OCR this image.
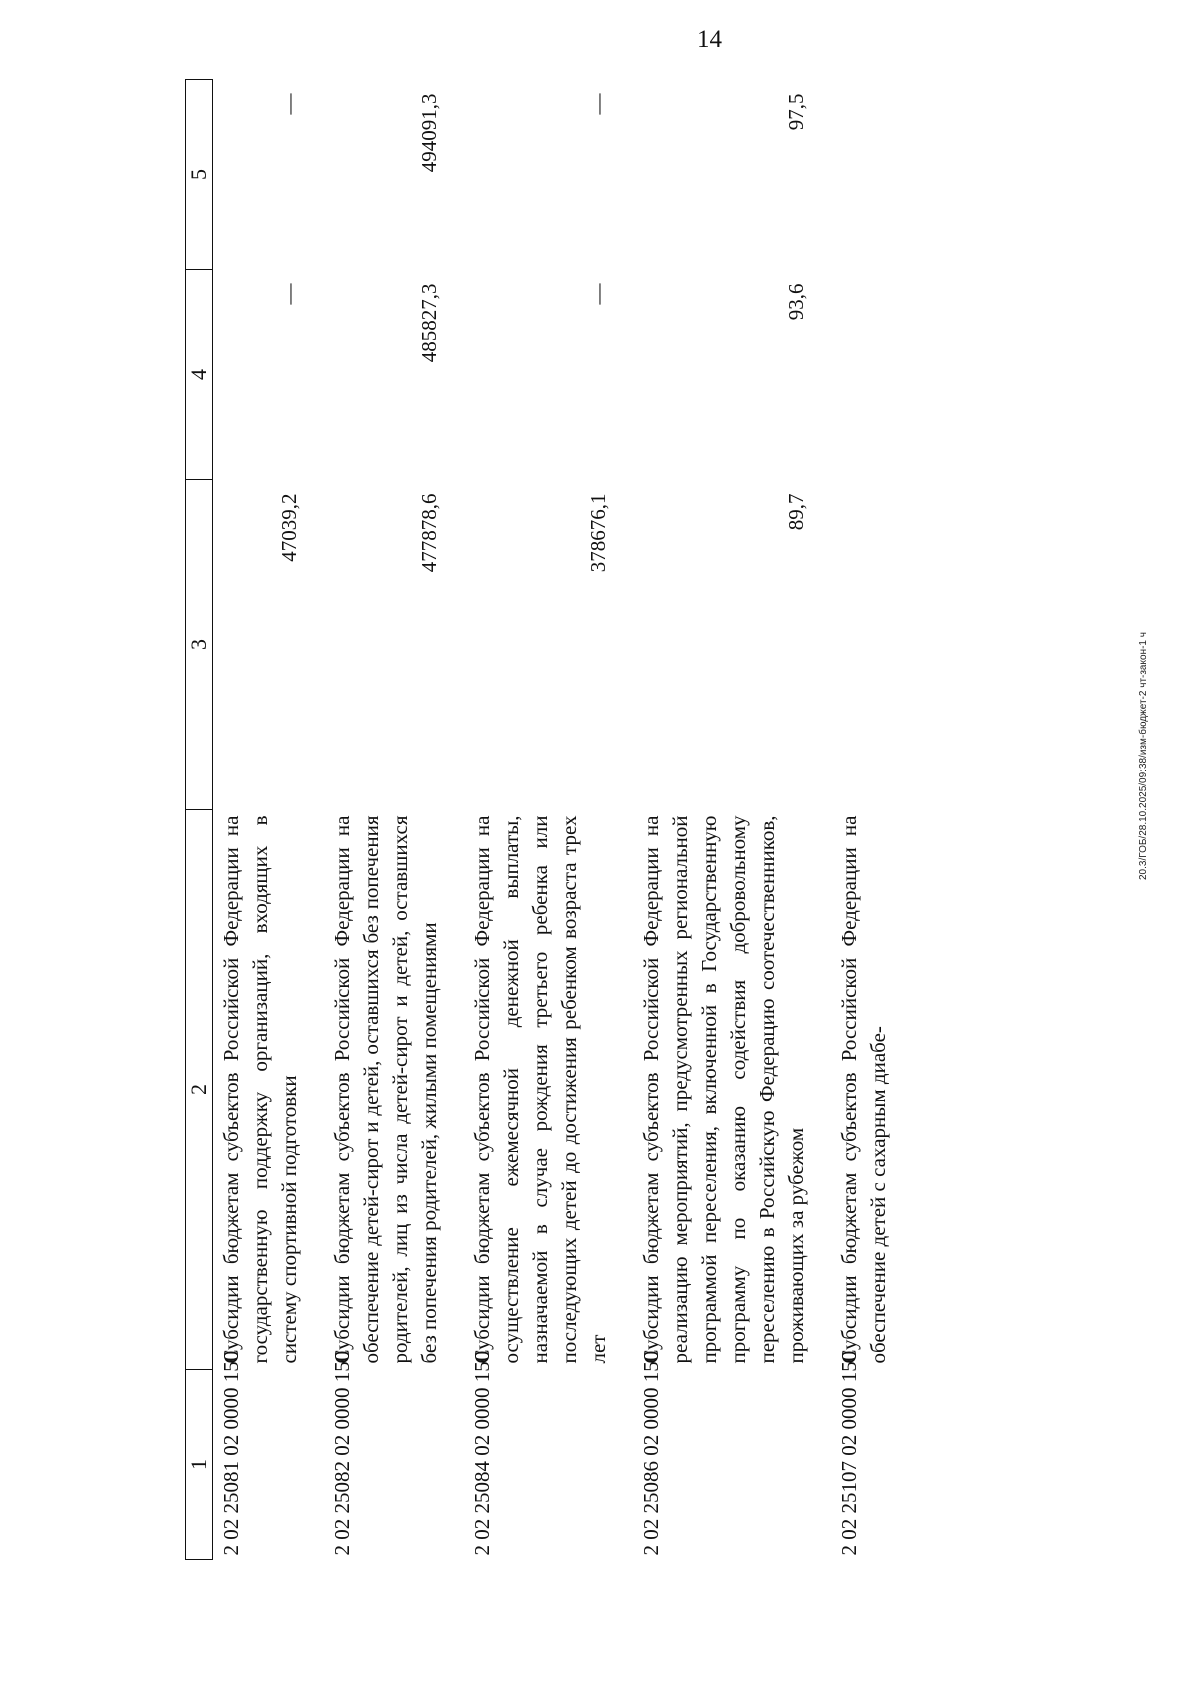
14
1	2	3	4	5
2 02 25081 02 0000 150	Субсидии бюджетам субъектов Российской Федерации на государственную поддержку организаций, входящих в систему спортивной подготовки	47039,2	—	—
2 02 25082 02 0000 150	Субсидии бюджетам субъектов Российской Федерации на обеспечение детей-сирот и детей, оставшихся без попечения родителей, лиц из числа детей-сирот и детей, оставшихся без попечения родителей, жилыми помещениями	477878,6	485827,3	494091,3
2 02 25084 02 0000 150	Субсидии бюджетам субъектов Российской Федерации на осуществление ежемесячной денежной выплаты, назначаемой в случае рождения третьего ребенка или последующих детей до достижения ребенком возраста трех лет	378676,1	—	—
2 02 25086 02 0000 150	Субсидии бюджетам субъектов Российской Федерации на реализацию мероприятий, предусмотренных региональной программой переселения, включенной в Государственную программу по оказанию содействия добровольному переселению в Российскую Федерацию соотечественников, проживающих за рубежом	89,7	93,6	97,5
2 02 25107 02 0000 150	Субсидии бюджетам субъектов Российской Федерации на обеспечение детей с сахарным диабе-			
20.3/ГОБ/28.10.2025/09:38/изм-бюджет-2 чт-закон-1 ч
